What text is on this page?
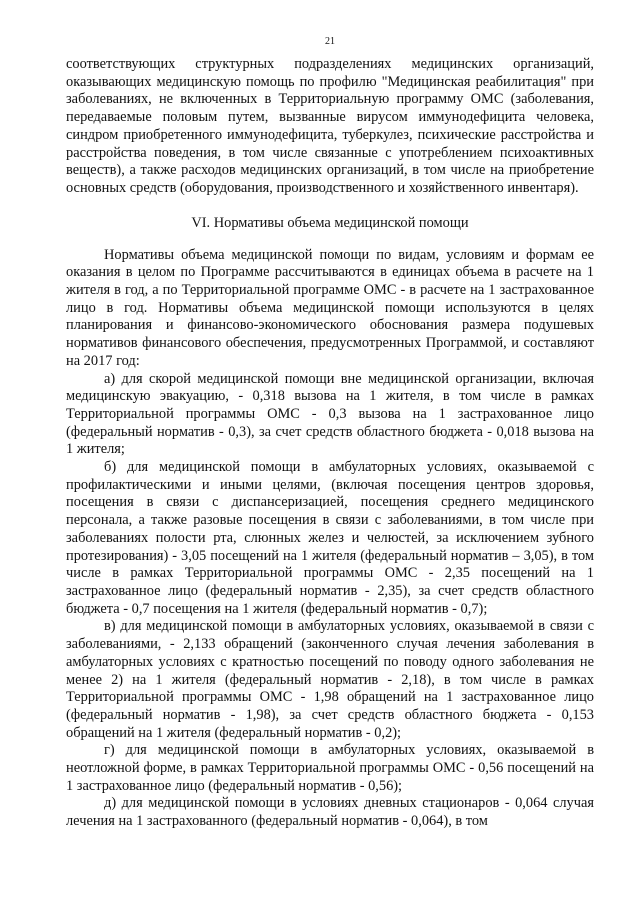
21

соответствующих структурных подразделениях медицинских организаций, оказывающих медицинскую помощь по профилю "Медицинская реабилитация" при заболеваниях, не включенных в Территориальную программу ОМС (заболевания, передаваемые половым путем, вызванные вирусом иммунодефицита человека, синдром приобретенного иммунодефицита, туберкулез, психические расстройства и расстройства поведения, в том числе связанные с употреблением психоактивных веществ), а также расходов медицинских организаций, в том числе на приобретение основных средств (оборудования, производственного и хозяйственного инвентаря).

VI. Нормативы объема медицинской помощи

Нормативы объема медицинской помощи по видам, условиям и формам ее оказания в целом по Программе рассчитываются в единицах объема в расчете на 1 жителя в год, а по Территориальной программе ОМС - в расчете на 1 застрахованное лицо в год. Нормативы объема медицинской помощи используются в целях планирования и финансово-экономического обоснования размера подушевых нормативов финансового обеспечения, предусмотренных Программой, и составляют на 2017 год:

а) для скорой медицинской помощи вне медицинской организации, включая медицинскую эвакуацию, - 0,318 вызова на 1 жителя, в том числе в рамках Территориальной программы ОМС - 0,3 вызова на 1 застрахованное лицо (федеральный норматив - 0,3), за счет средств областного бюджета - 0,018 вызова на 1 жителя;

б) для медицинской помощи в амбулаторных условиях, оказываемой с профилактическими и иными целями, (включая посещения центров здоровья, посещения в связи с диспансеризацией, посещения среднего медицинского персонала, а также разовые посещения в связи с заболеваниями, в том числе при заболеваниях полости рта, слюнных желез и челюстей, за исключением зубного протезирования) - 3,05 посещений на 1 жителя (федеральный норматив – 3,05), в том числе в рамках Территориальной программы ОМС - 2,35 посещений на 1 застрахованное лицо (федеральный норматив - 2,35), за счет средств областного бюджета - 0,7 посещения на 1 жителя (федеральный норматив - 0,7);

в) для медицинской помощи в амбулаторных условиях, оказываемой в связи с заболеваниями, - 2,133 обращений (законченного случая лечения заболевания в амбулаторных условиях с кратностью посещений по поводу одного заболевания не менее 2) на 1 жителя (федеральный норматив - 2,18), в том числе в рамках Территориальной программы ОМС - 1,98 обращений на 1 застрахованное лицо (федеральный норматив - 1,98), за счет средств областного бюджета - 0,153 обращений на 1 жителя (федеральный норматив - 0,2);

г) для медицинской помощи в амбулаторных условиях, оказываемой в неотложной форме, в рамках Территориальной программы ОМС - 0,56 посещений на 1 застрахованное лицо (федеральный норматив - 0,56);

д) для медицинской помощи в условиях дневных стационаров - 0,064 случая лечения на 1 застрахованного (федеральный норматив - 0,064), в том
